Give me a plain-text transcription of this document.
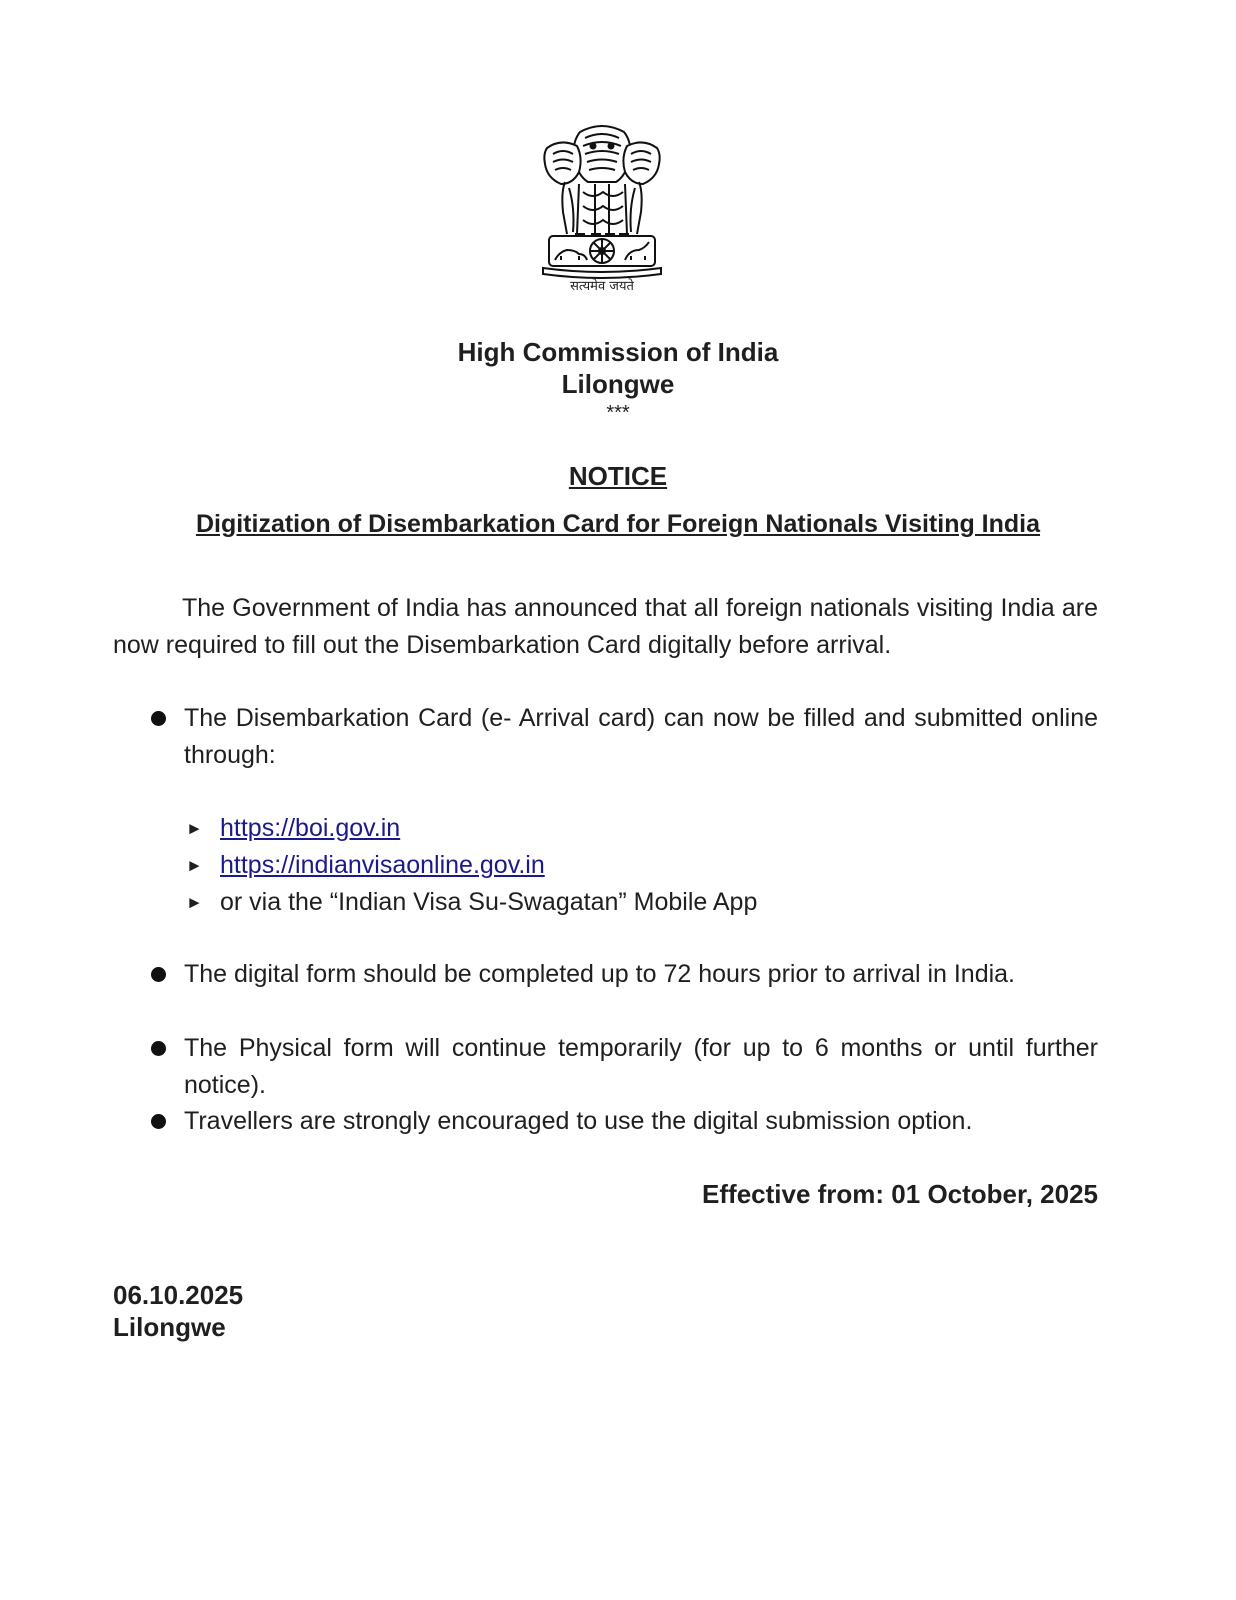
सत्यमेव जयते
High Commission of India
Lilongwe
***
NOTICE
Digitization of Disembarkation Card for Foreign Nationals Visiting India
The Government of India has announced that all foreign nationals visiting India are now required to fill out the Disembarkation Card digitally before arrival.
The Disembarkation Card (e- Arrival card) can now be filled and submitted online through:
► https://boi.gov.in
► https://indianvisaonline.gov.in
► or via the “Indian Visa Su-Swagatan” Mobile App
The digital form should be completed up to 72 hours prior to arrival in India.
The Physical form will continue temporarily (for up to 6 months or until further notice).
Travellers are strongly encouraged to use the digital submission option.
Effective from: 01 October, 2025
06.10.2025
Lilongwe
